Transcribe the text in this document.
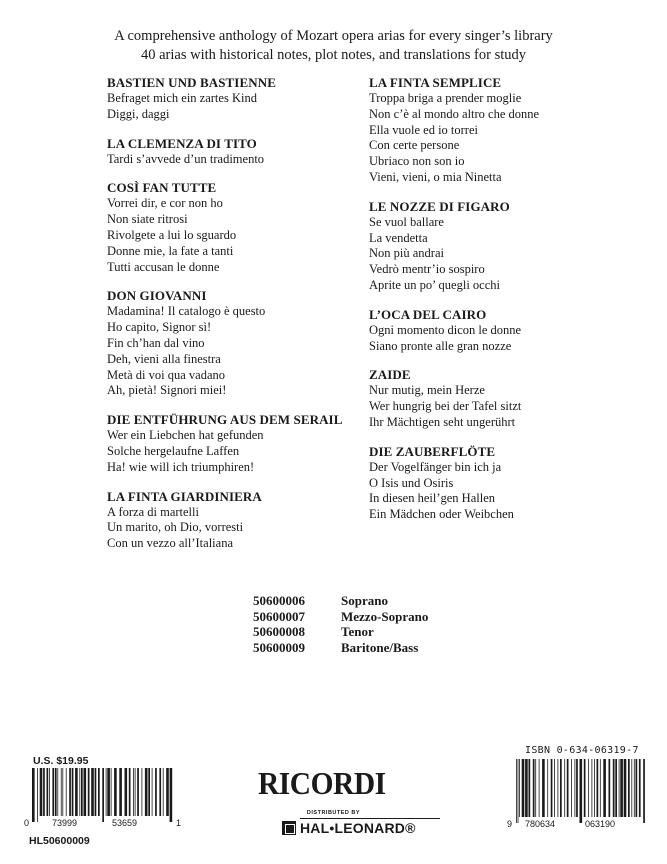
A comprehensive anthology of Mozart opera arias for every singer’s library
40 arias with historical notes, plot notes, and translations for study
BASTIEN UND BASTIENNE
Befraget mich ein zartes Kind
Diggi, daggi
LA CLEMENZA DI TITO
Tardi s’avvede d’un tradimento
COSÌ FAN TUTTE
Vorrei dir, e cor non ho
Non siate ritrosi
Rivolgete a lui lo sguardo
Donne mie, la fate a tanti
Tutti accusan le donne
DON GIOVANNI
Madamina! Il catalogo è questo
Ho capito, Signor sì!
Fin ch’han dal vino
Deh, vieni alla finestra
Metà di voi qua vadano
Ah, pietà! Signori miei!
DIE ENTFÜHRUNG AUS DEM SERAIL
Wer ein Liebchen hat gefunden
Solche hergelaufne Laffen
Ha! wie will ich triumphiren!
LA FINTA GIARDINIERA
A forza di martelli
Un marito, oh Dio, vorresti
Con un vezzo all’Italiana
LA FINTA SEMPLICE
Troppa briga a prender moglie
Non c’è al mondo altro che donne
Ella vuole ed io torrei
Con certe persone
Ubriaco non son io
Vieni, vieni, o mia Ninetta
LE NOZZE DI FIGARO
Se vuol ballare
La vendetta
Non più andrai
Vedrò mentr’io sospiro
Aprite un po’ quegli occhi
L’OCA DEL CAIRO
Ogni momento dicon le donne
Siano pronte alle gran nozze
ZAIDE
Nur mutig, mein Herze
Wer hungrig bei der Tafel sitzt
Ihr Mächtigen seht ungerührt
DIE ZAUBERFLÖTE
Der Vogelfänger bin ich ja
O Isis und Osiris
In diesen heil’gen Hallen
Ein Mädchen oder Weibchen
50600006	Soprano
50600007	Mezzo-Soprano
50600008	Tenor
50600009	Baritone/Bass
U.S. $19.95
0	73999	53659	1
HL50600009
ISBN 0-634-06319-7
9 780634	063190
RICORDI
DISTRIBUTED BY
HAL•LEONARD®
